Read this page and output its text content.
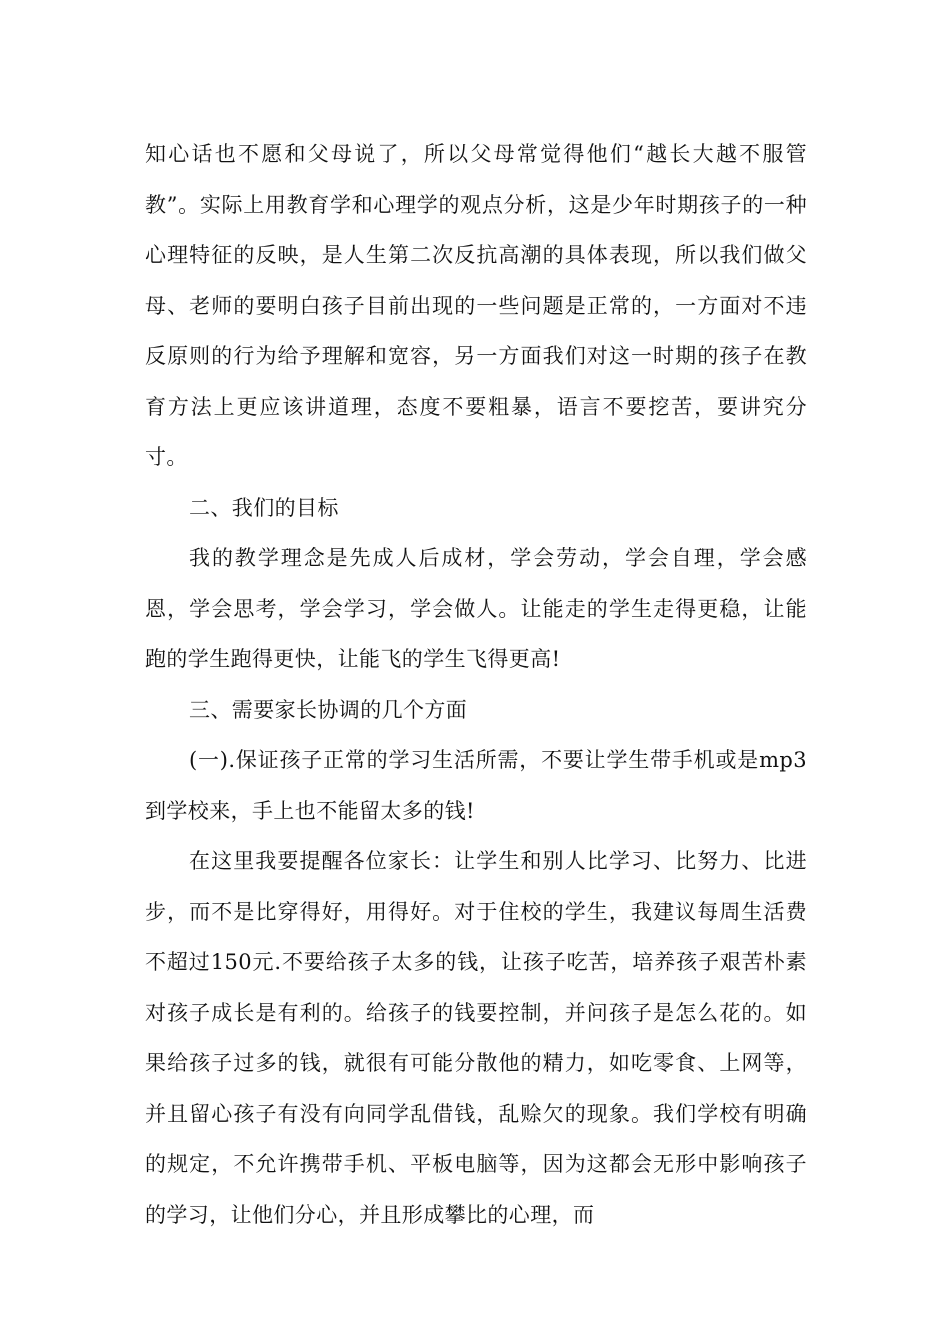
知心话也不愿和父母说了，所以父母常觉得他们“越长大越不服管教”。实际上用教育学和心理学的观点分析，这是少年时期孩子的一种心理特征的反映，是人生第二次反抗高潮的具体表现，所以我们做父母、老师的要明白孩子目前出现的一些问题是正常的，一方面对不违反原则的行为给予理解和宽容，另一方面我们对这一时期的孩子在教育方法上更应该讲道理，态度不要粗暴，语言不要挖苦，要讲究分寸。

二、我们的目标

我的教学理念是先成人后成材，学会劳动，学会自理，学会感恩，学会思考，学会学习，学会做人。让能走的学生走得更稳，让能跑的学生跑得更快，让能飞的学生飞得更高!

三、需要家长协调的几个方面

(一).保证孩子正常的学习生活所需，不要让学生带手机或是mp3到学校来，手上也不能留太多的钱!

在这里我要提醒各位家长：让学生和别人比学习、比努力、比进步，而不是比穿得好，用得好。对于住校的学生，我建议每周生活费不超过150元.不要给孩子太多的钱，让孩子吃苦，培养孩子艰苦朴素对孩子成长是有利的。给孩子的钱要控制，并问孩子是怎么花的。如果给孩子过多的钱，就很有可能分散他的精力，如吃零食、上网等，并且留心孩子有没有向同学乱借钱，乱赊欠的现象。我们学校有明确的规定，不允许携带手机、平板电脑等，因为这都会无形中影响孩子的学习，让他们分心，并且形成攀比的心理，而
